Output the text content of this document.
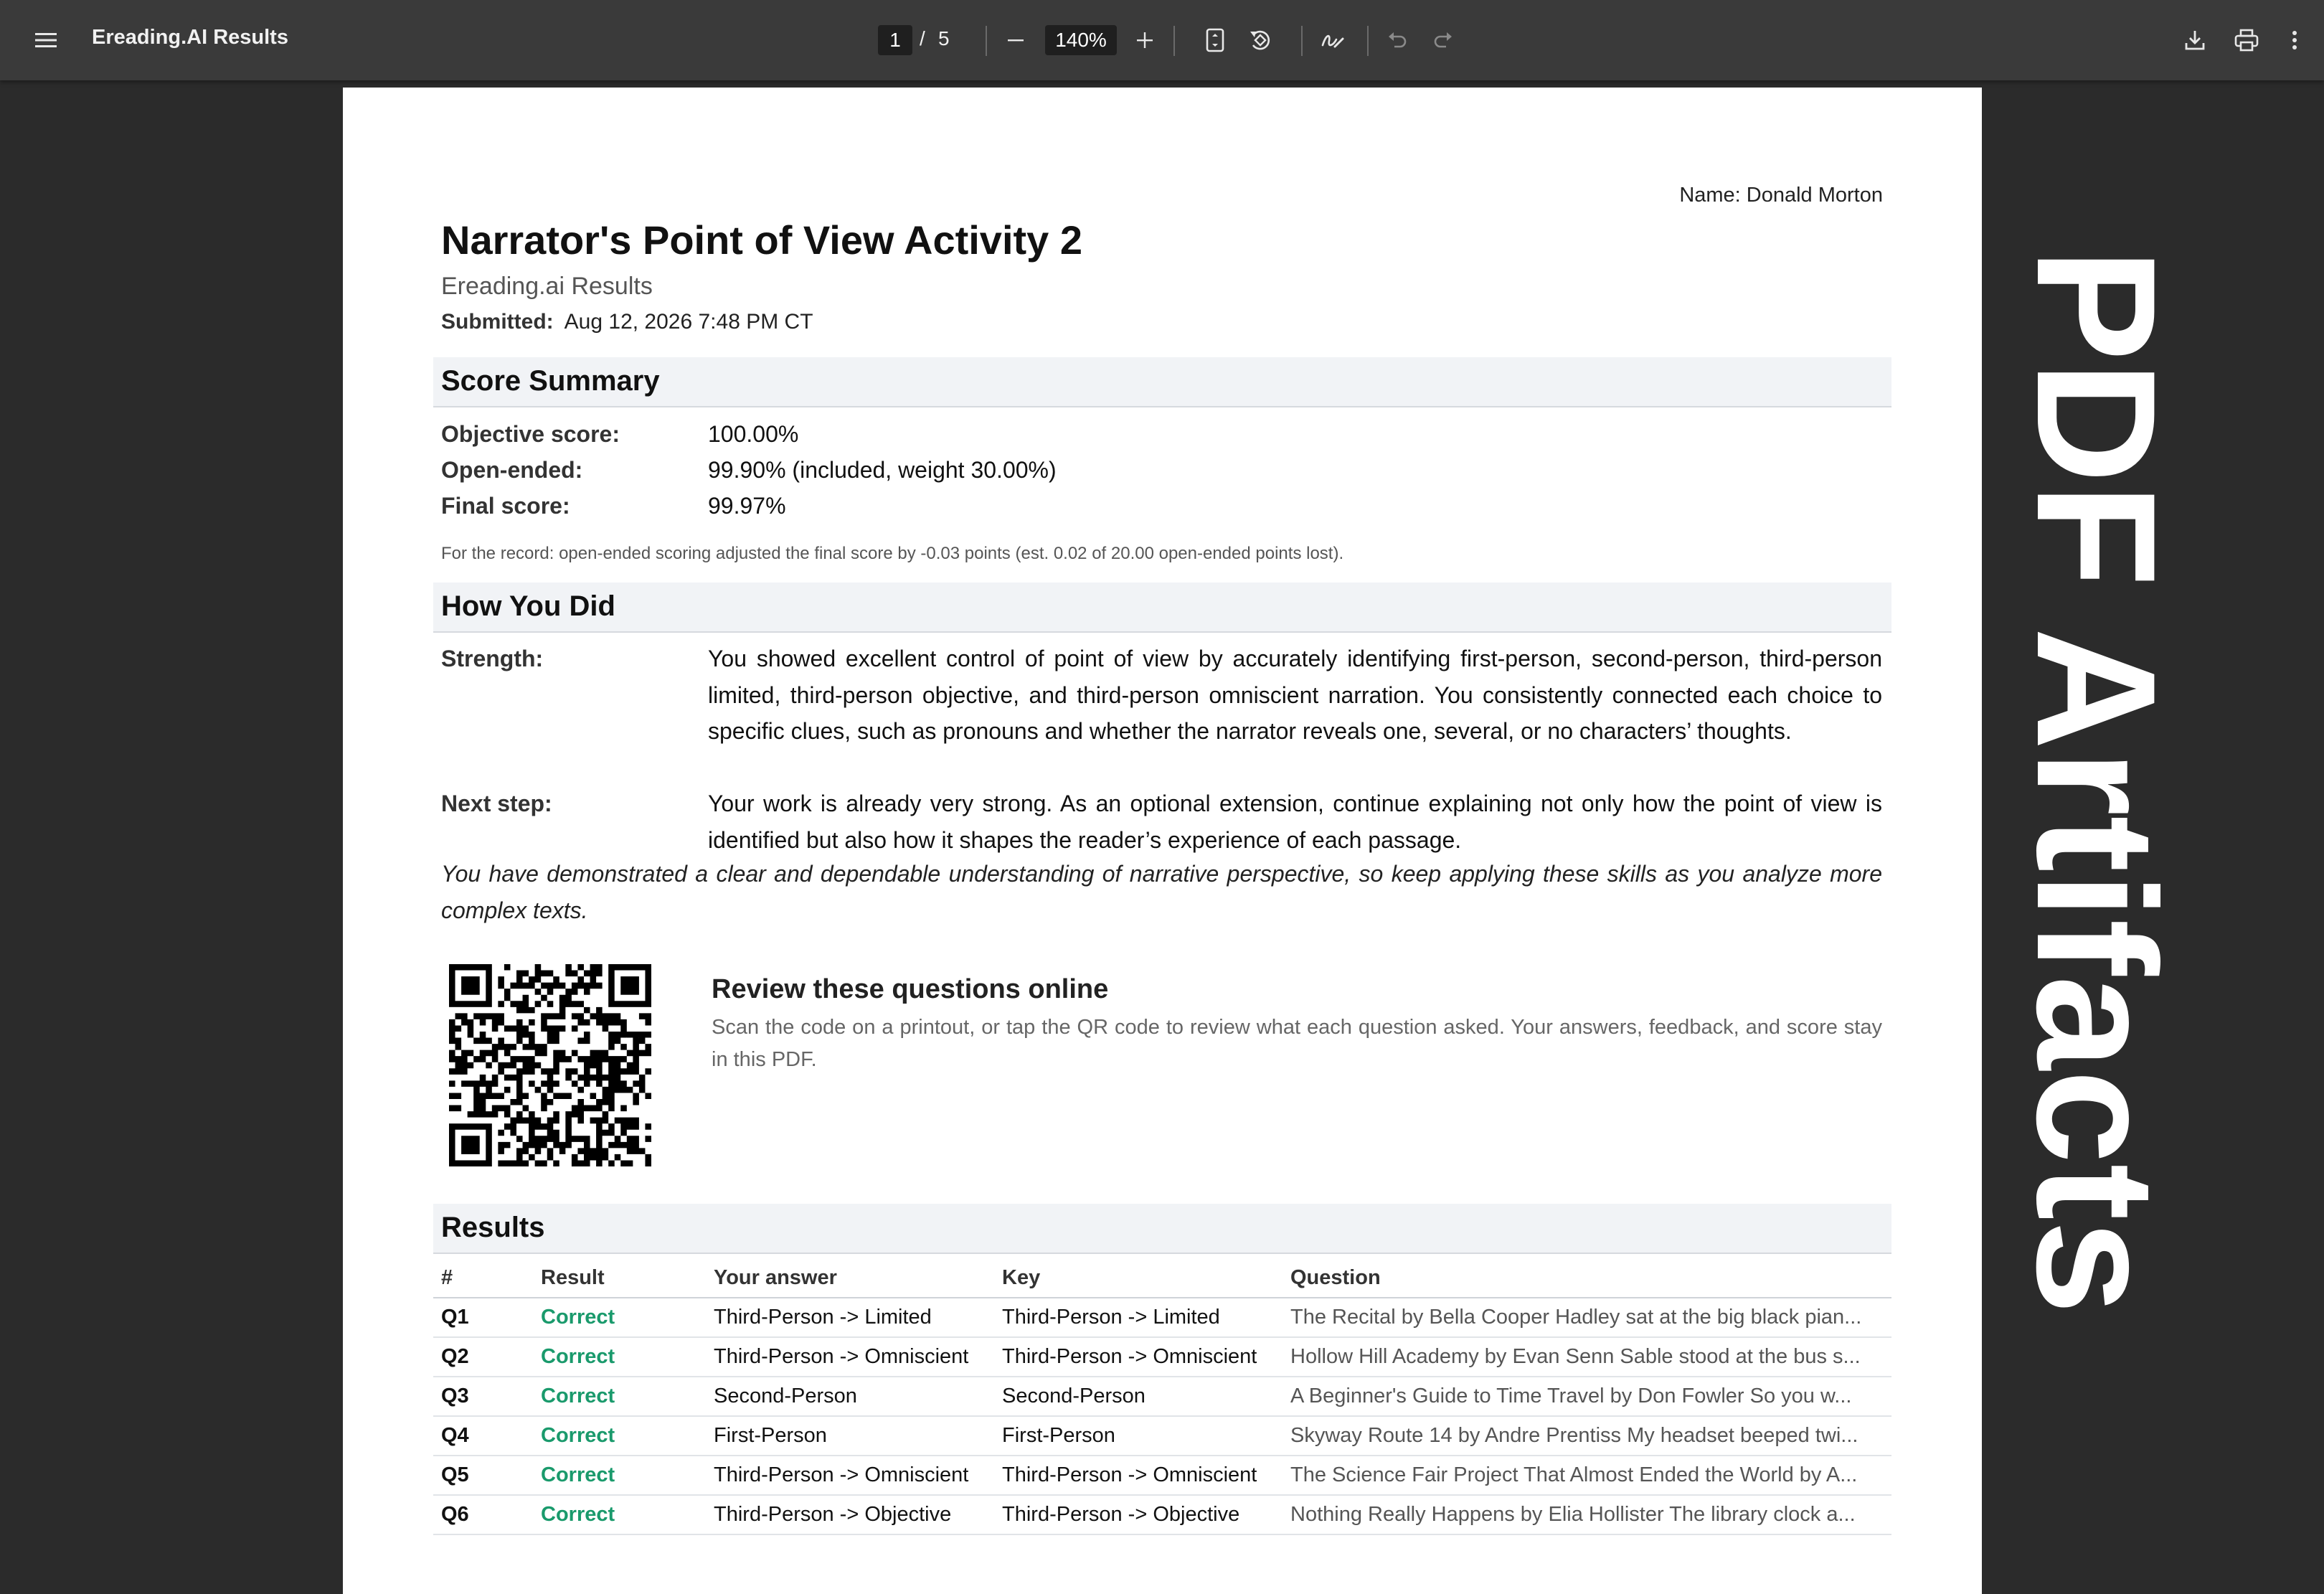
Ereading.AI Results	1 / 5	140%
Name: Donald Morton
Narrator's Point of View Activity 2
Ereading.ai Results
Submitted: Aug 12, 2026 7:48 PM CT
Score Summary
Objective score:	100.00%
Open-ended:	99.90% (included, weight 30.00%)
Final score:	99.97%
For the record: open-ended scoring adjusted the final score by -0.03 points (est. 0.02 of 20.00 open-ended points lost).
How You Did
Strength:	You showed excellent control of point of view by accurately identifying first-person, second-person, third-person limited, third-person objective, and third-person omniscient narration. You consistently connected each choice to specific clues, such as pronouns and whether the narrator reveals one, several, or no characters’ thoughts.
Next step:	Your work is already very strong. As an optional extension, continue explaining not only how the point of view is identified but also how it shapes the reader’s experience of each passage.
You have demonstrated a clear and dependable understanding of narrative perspective, so keep applying these skills as you analyze more complex texts.
Review these questions online
Scan the code on a printout, or tap the QR code to review what each question asked. Your answers, feedback, and score stay in this PDF.
Results
#	Result	Your answer	Key	Question
Q1	Correct	Third-Person -> Limited	Third-Person -> Limited	The Recital by Bella Cooper Hadley sat at the big black pian...
Q2	Correct	Third-Person -> Omniscient	Third-Person -> Omniscient	Hollow Hill Academy by Evan Senn Sable stood at the bus s...
Q3	Correct	Second-Person	Second-Person	A Beginner's Guide to Time Travel by Don Fowler So you w...
Q4	Correct	First-Person	First-Person	Skyway Route 14 by Andre Prentiss My headset beeped twi...
Q5	Correct	Third-Person -> Omniscient	Third-Person -> Omniscient	The Science Fair Project That Almost Ended the World by A...
Q6	Correct	Third-Person -> Objective	Third-Person -> Objective	Nothing Really Happens by Elia Hollister The library clock a...
PDF Artifacts
